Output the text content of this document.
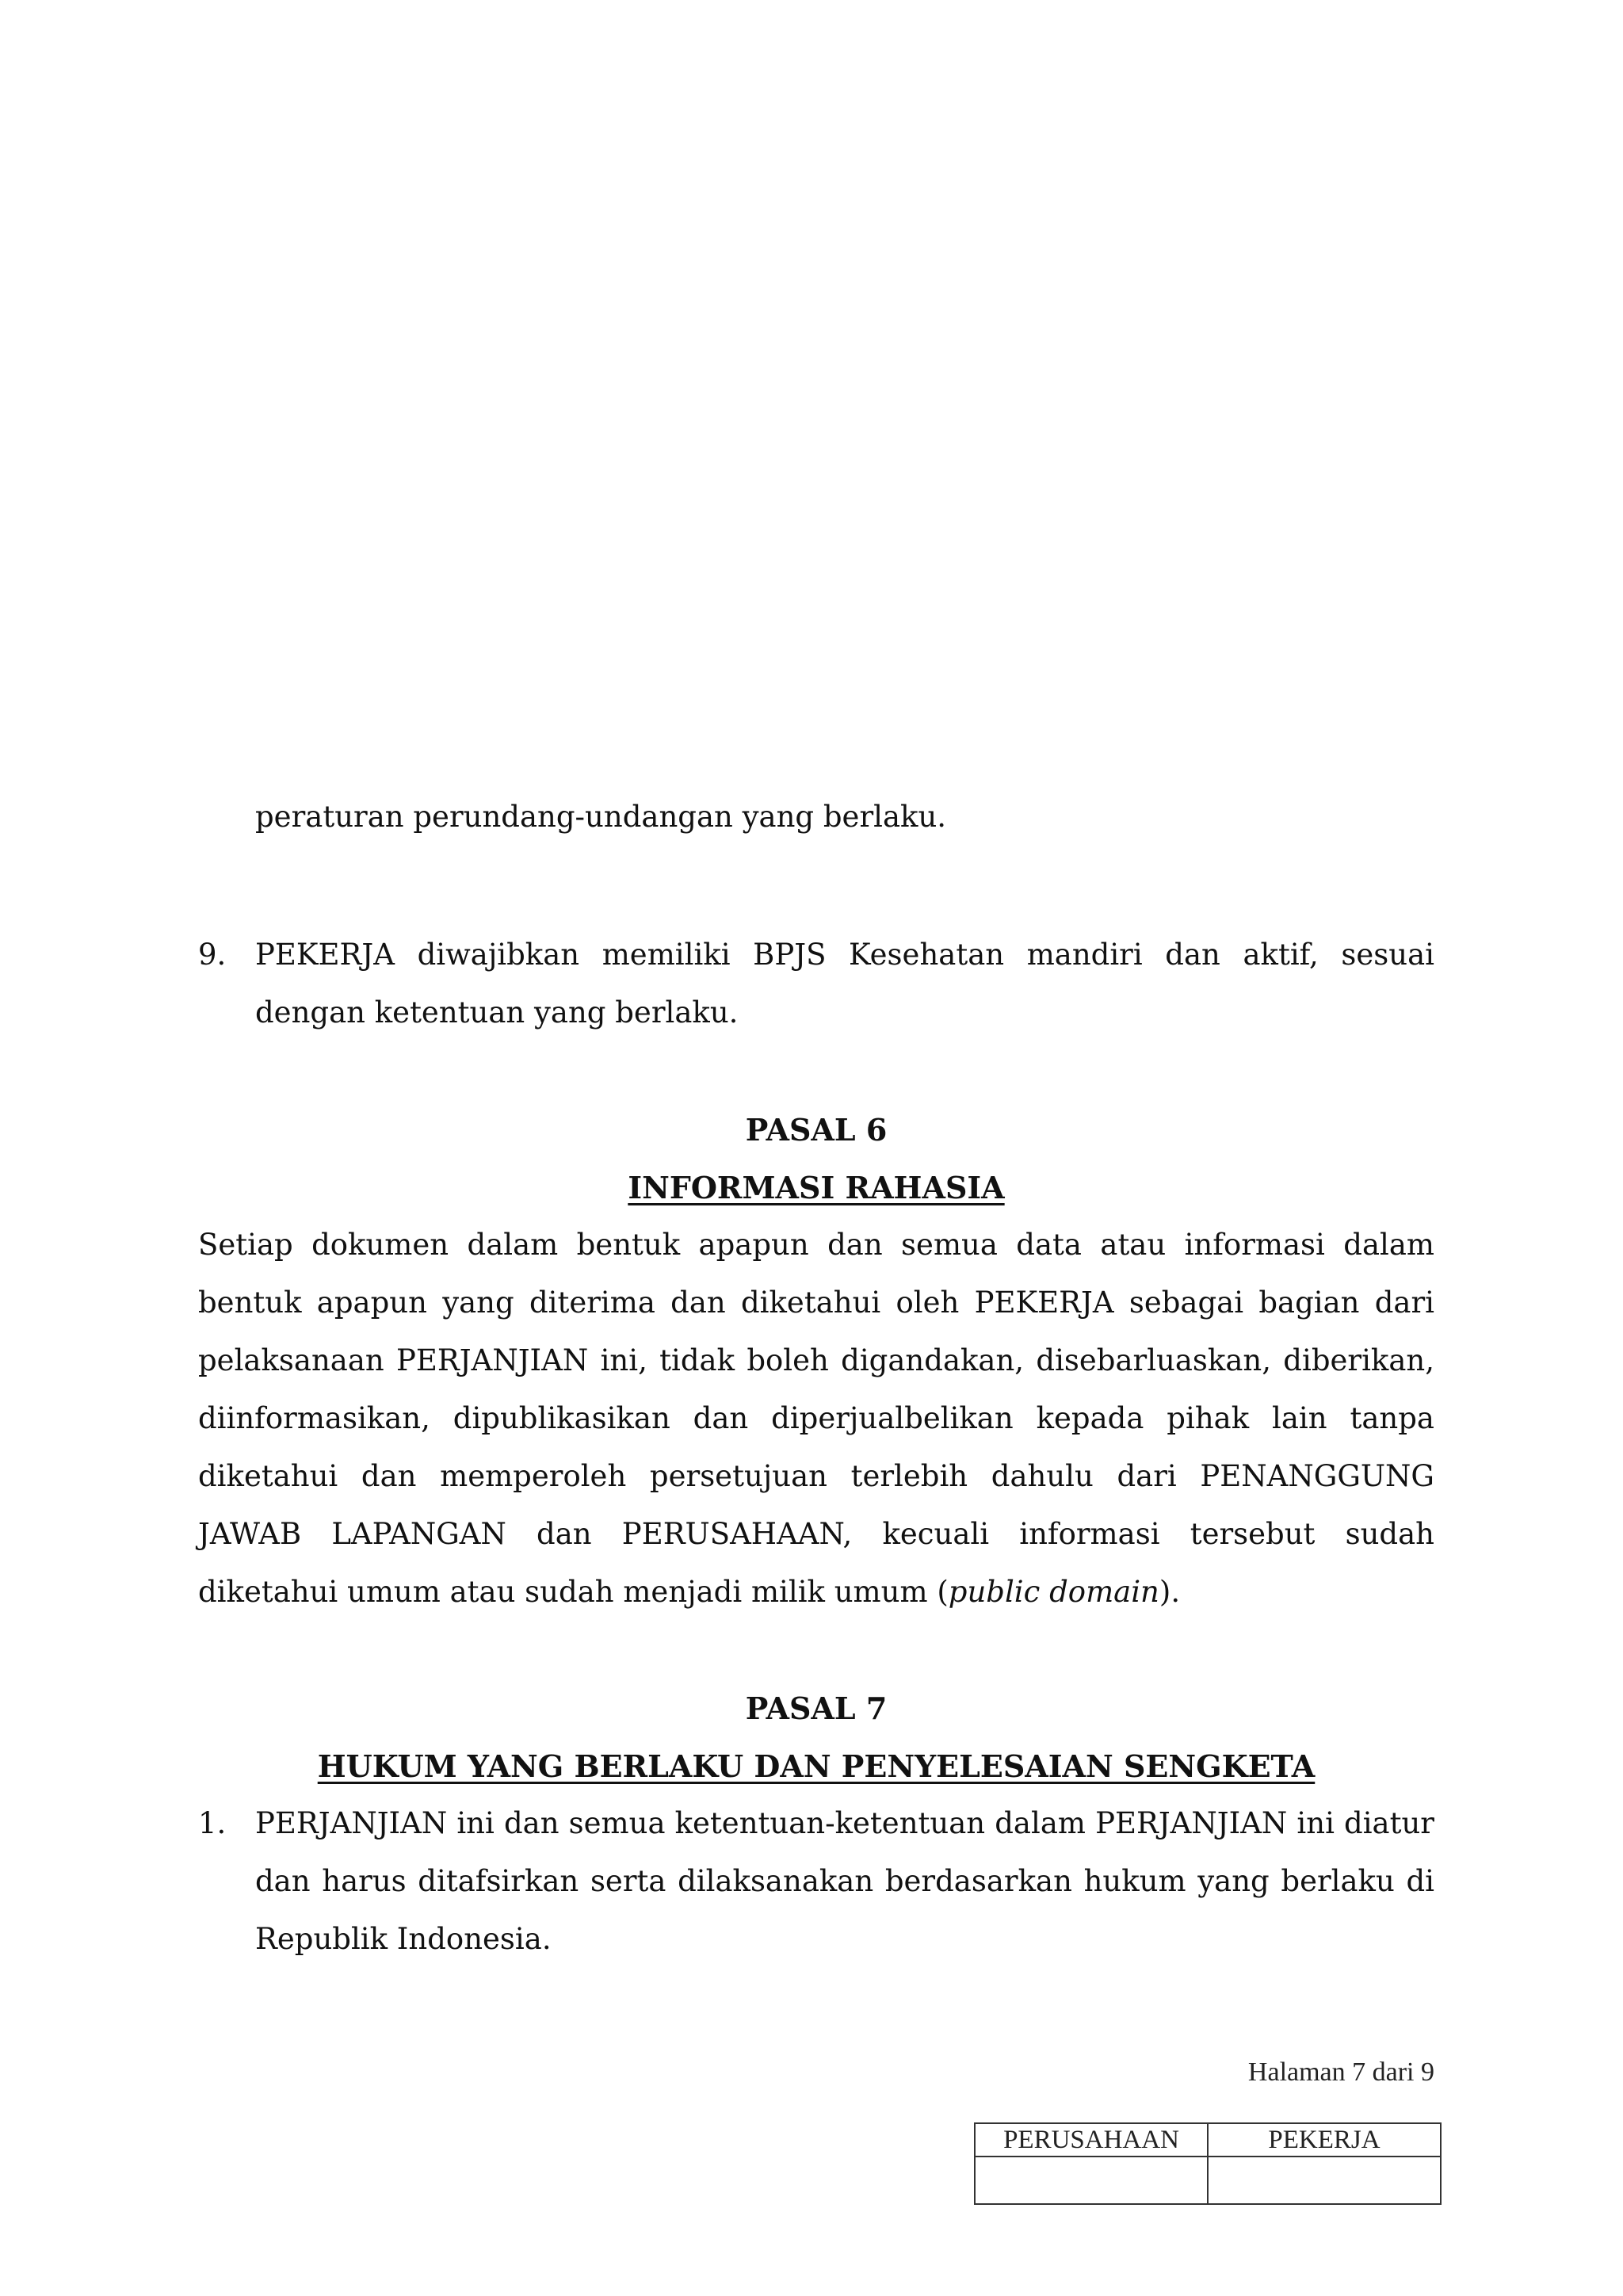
peraturan perundang-undangan yang berlaku.
9. PEKERJA diwajibkan memiliki BPJS Kesehatan mandiri dan aktif, sesuai dengan ketentuan yang berlaku.
PASAL 6
INFORMASI RAHASIA
Setiap dokumen dalam bentuk apapun dan semua data atau informasi dalam bentuk apapun yang diterima dan diketahui oleh PEKERJA sebagai bagian dari pelaksanaan PERJANJIAN ini, tidak boleh digandakan, disebarluaskan, diberikan, diinformasikan, dipublikasikan dan diperjualbelikan kepada pihak lain tanpa diketahui dan memperoleh persetujuan terlebih dahulu dari PENANGGUNG JAWAB LAPANGAN dan PERUSAHAAN, kecuali informasi tersebut sudah diketahui umum atau sudah menjadi milik umum (public domain).
PASAL 7
HUKUM YANG BERLAKU DAN PENYELESAIAN SENGKETA
1. PERJANJIAN ini dan semua ketentuan-ketentuan dalam PERJANJIAN ini diatur dan harus ditafsirkan serta dilaksanakan berdasarkan hukum yang berlaku di Republik Indonesia.
Halaman 7 dari 9
PERUSAHAAN	PEKERJA
